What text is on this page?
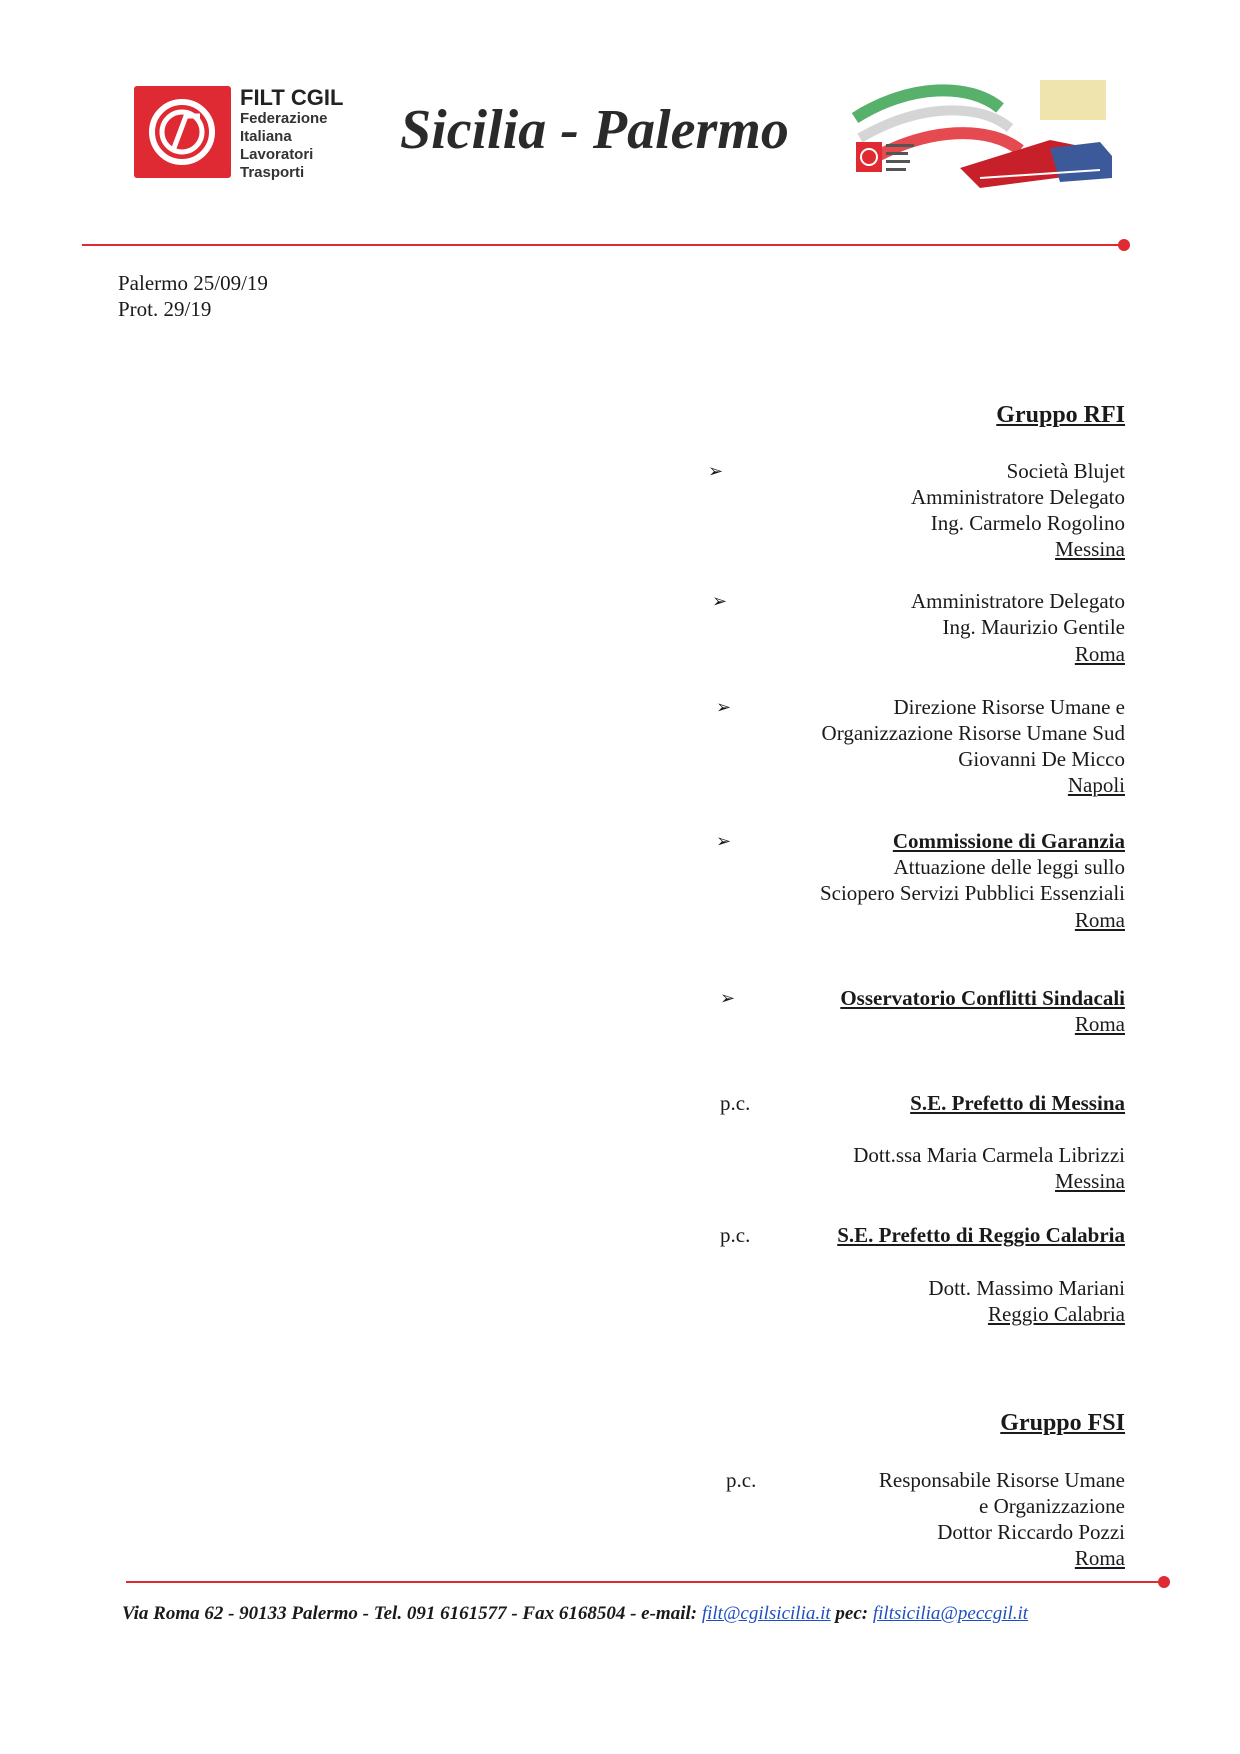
FILT CGIL
Federazione
Italiana
Lavoratori
Trasporti
Sicilia - Palermo
Palermo 25/09/19
Prot. 29/19
Gruppo RFI
➢	Società Blujet
Amministratore Delegato
Ing. Carmelo Rogolino
Messina
➢	Amministratore Delegato
Ing. Maurizio Gentile
Roma
➢	Direzione Risorse Umane e
Organizzazione Risorse Umane Sud
Giovanni De Micco
Napoli
➢	Commissione di Garanzia
Attuazione delle leggi sullo
Sciopero Servizi Pubblici Essenziali
Roma
➢	Osservatorio Conflitti Sindacali
Roma
p.c.	S.E. Prefetto di Messina
Dott.ssa Maria Carmela Librizzi
Messina
p.c.	S.E. Prefetto di Reggio Calabria
Dott. Massimo Mariani
Reggio Calabria
Gruppo FSI
p.c.	Responsabile Risorse Umane
e Organizzazione
Dottor Riccardo Pozzi
Roma
Via Roma 62 - 90133 Palermo - Tel. 091 6161577 - Fax 6168504 - e-mail: filt@cgilsicilia.it pec: filtsicilia@peccgil.it
